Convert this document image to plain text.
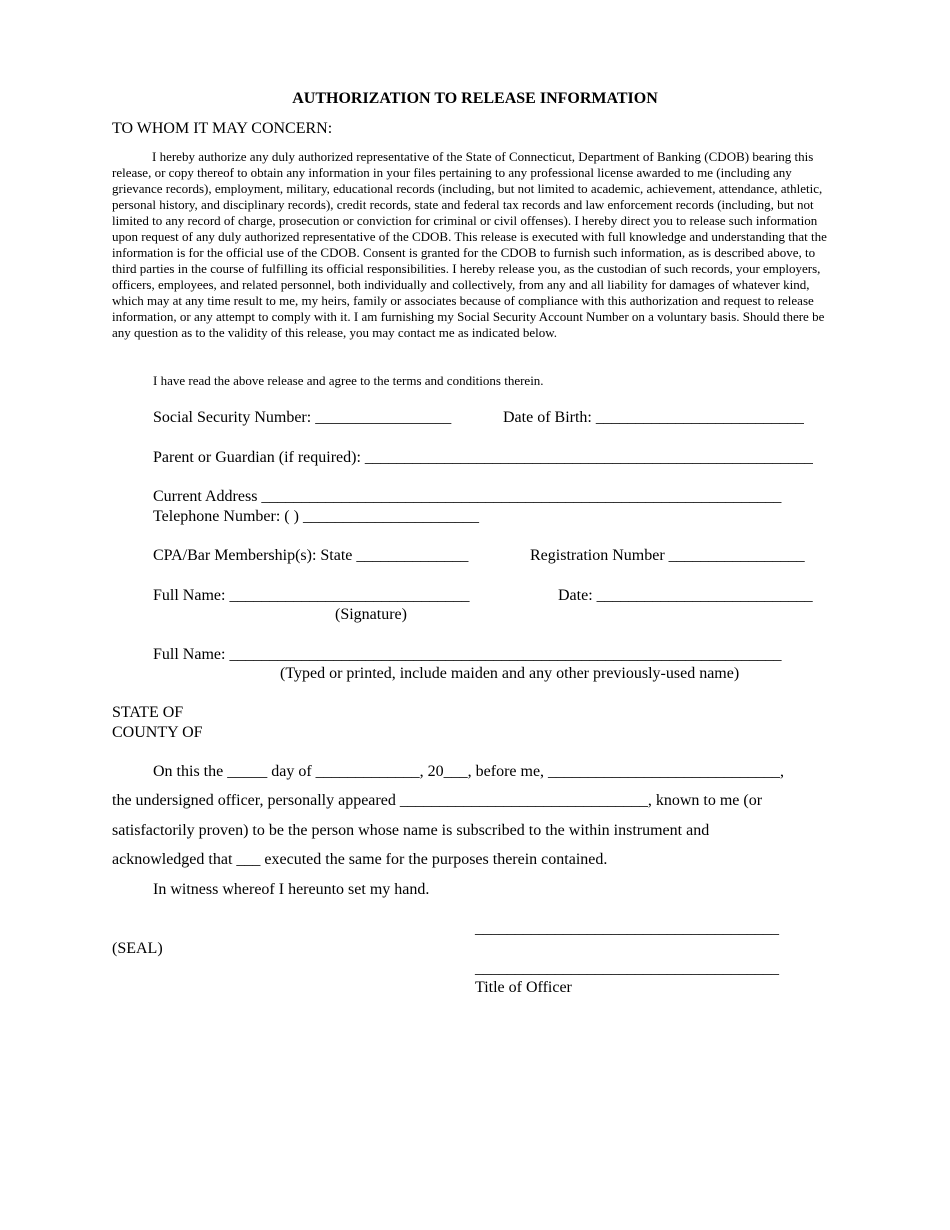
AUTHORIZATION TO RELEASE INFORMATION
TO WHOM IT MAY CONCERN:
I hereby authorize any duly authorized representative of the State of Connecticut, Department of Banking (CDOB) bearing this release, or copy thereof to obtain any information in your files pertaining to any professional license awarded to me (including any grievance records), employment, military, educational records (including, but not limited to academic, achievement, attendance, athletic, personal history, and disciplinary records), credit records, state and federal tax records and law enforcement records (including, but not limited to any record of charge, prosecution or conviction for criminal or civil offenses). I hereby direct you to release such information upon request of any duly authorized representative of the CDOB. This release is executed with full knowledge and understanding that the information is for the official use of the CDOB. Consent is granted for the CDOB to furnish such information, as is described above, to third parties in the course of fulfilling its official responsibilities. I hereby release you, as the custodian of such records, your employers, officers, employees, and related personnel, both individually and collectively, from any and all liability for damages of whatever kind, which may at any time result to me, my heirs, family or associates because of compliance with this authorization and request to release information, or any attempt to comply with it. I am furnishing my Social Security Account Number on a voluntary basis. Should there be any question as to the validity of this release, you may contact me as indicated below.
I have read the above release and agree to the terms and conditions therein.
Social Security Number: _________________	Date of Birth: __________________________
Parent or Guardian (if required): ________________________________________________________
Current Address _________________________________________________________________
Telephone Number: ( ) ______________________
CPA/Bar Membership(s): State ______________	Registration Number _________________
Full Name: ______________________________	Date: ___________________________
(Signature)
Full Name: _____________________________________________________________________
(Typed or printed, include maiden and any other previously-used name)
STATE OF
COUNTY OF
On this the _____ day of _____________, 20___, before me, _____________________________,
the undersigned officer, personally appeared _______________________________, known to me (or
satisfactorily proven) to be the person whose name is subscribed to the within instrument and
acknowledged that ___ executed the same for the purposes therein contained.
In witness whereof I hereunto set my hand.
______________________________________
(SEAL)
______________________________________
Title of Officer
